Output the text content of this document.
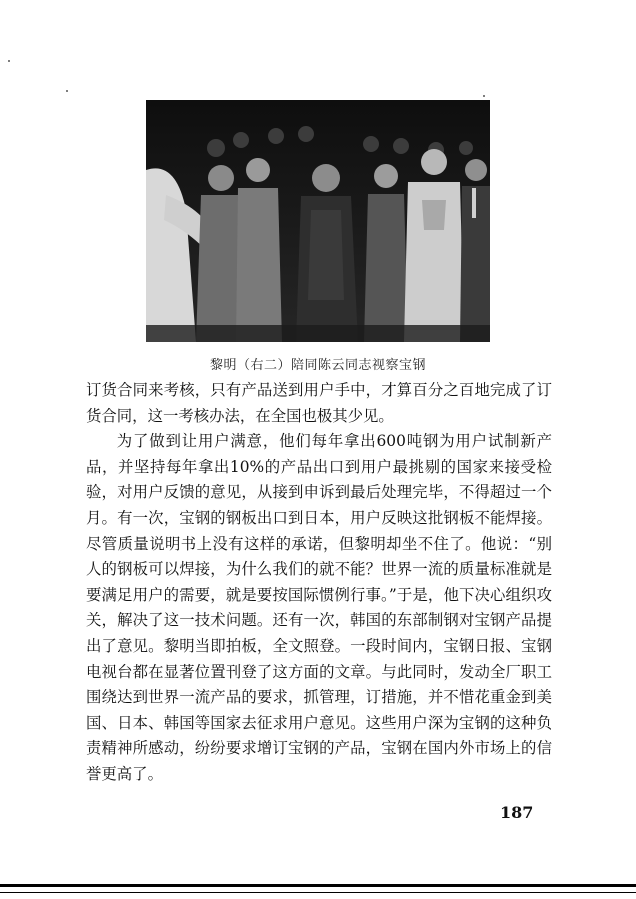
黎明（右二）陪同陈云同志视察宝钢

订货合同来考核，只有产品送到用户手中，才算百分之百地完成了订货合同，这一考核办法，在全国也极其少见。

为了做到让用户满意，他们每年拿出600吨钢为用户试制新产品，并坚持每年拿出10%的产品出口到用户最挑剔的国家来接受检验，对用户反馈的意见，从接到申诉到最后处理完毕，不得超过一个月。有一次，宝钢的钢板出口到日本，用户反映这批钢板不能焊接。尽管质量说明书上没有这样的承诺，但黎明却坐不住了。他说：“别人的钢板可以焊接，为什么我们的就不能？世界一流的质量标准就是要满足用户的需要，就是要按国际惯例行事。”于是，他下决心组织攻关，解决了这一技术问题。还有一次，韩国的东部制钢对宝钢产品提出了意见。黎明当即拍板，全文照登。一段时间内，宝钢日报、宝钢电视台都在显著位置刊登了这方面的文章。与此同时，发动全厂职工围绕达到世界一流产品的要求，抓管理，订措施，并不惜花重金到美国、日本、韩国等国家去征求用户意见。这些用户深为宝钢的这种负责精神所感动，纷纷要求增订宝钢的产品，宝钢在国内外市场上的信誉更高了。

187
